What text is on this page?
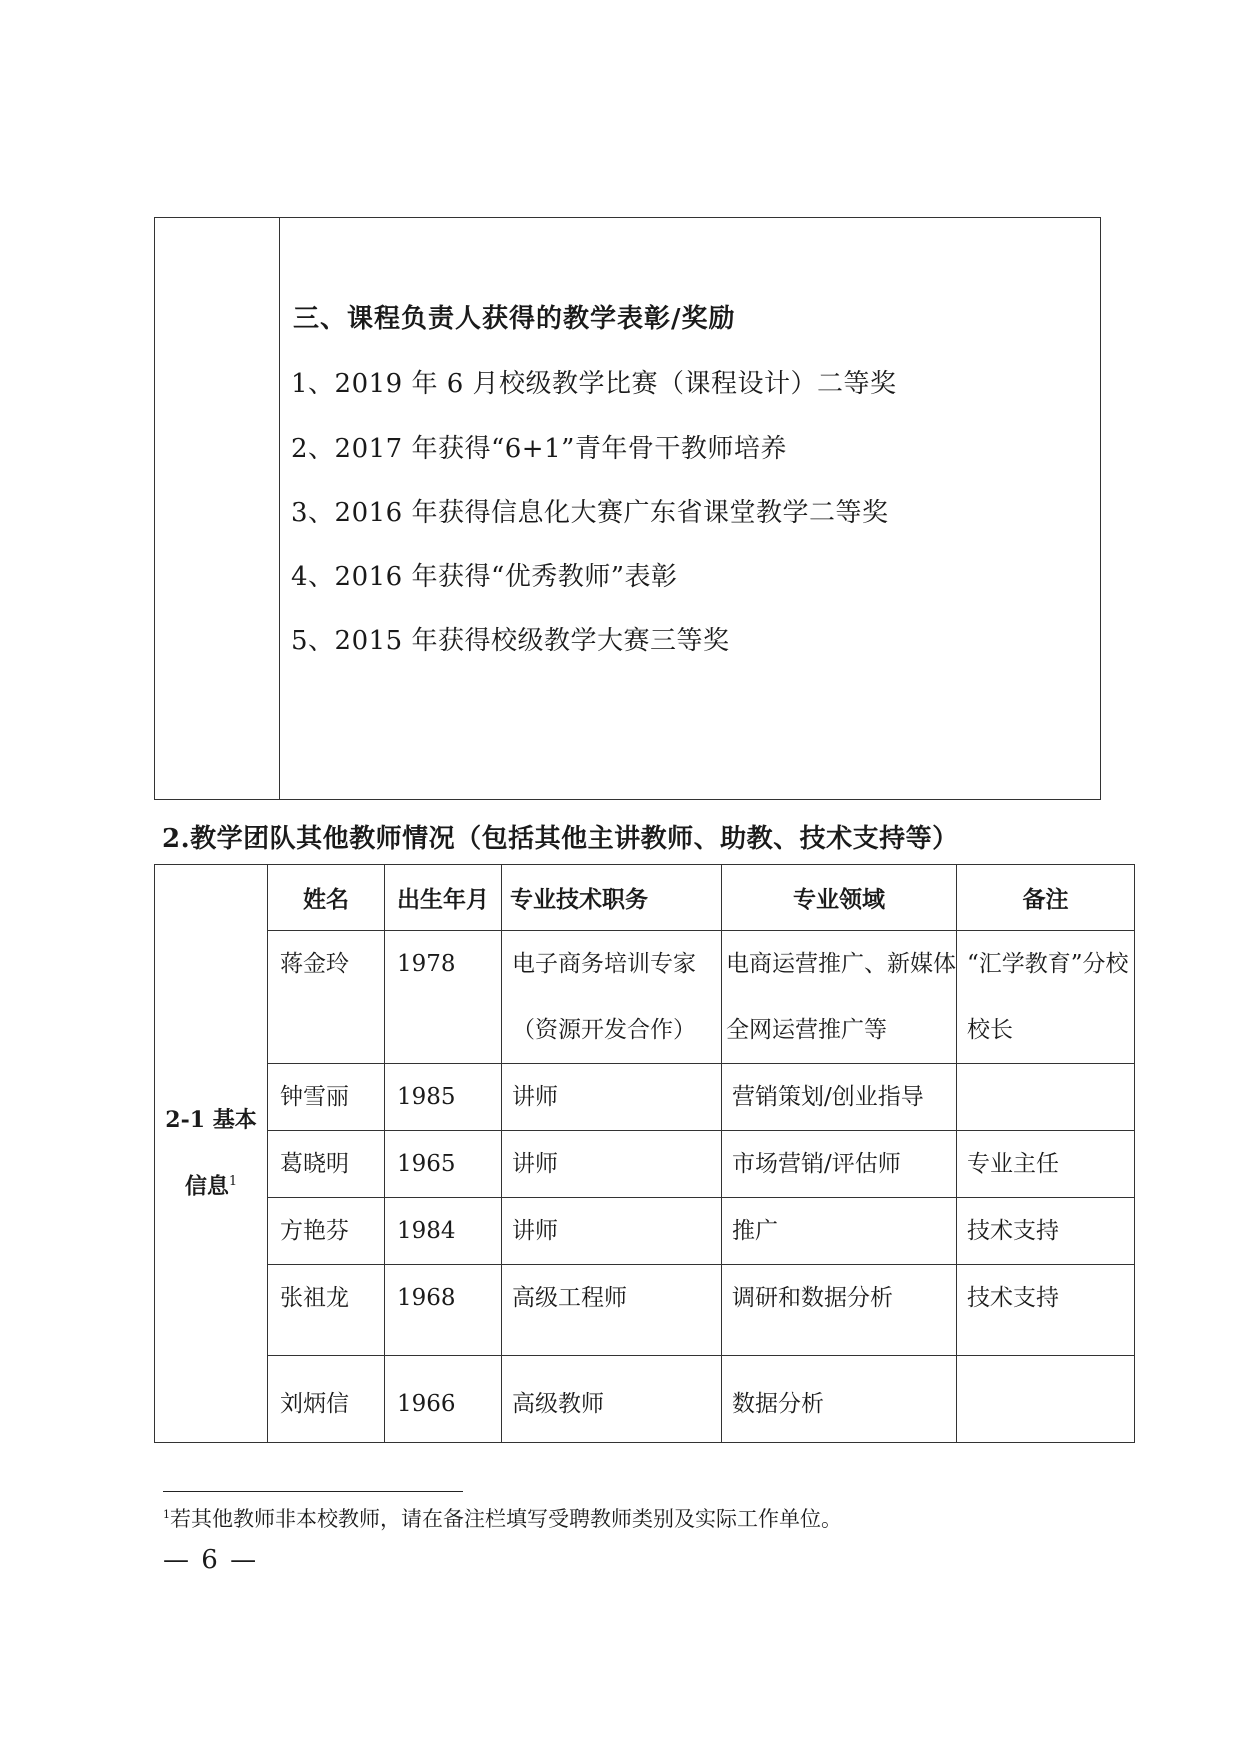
三、课程负责人获得的教学表彰/奖励
1、2019 年 6 月校级教学比赛（课程设计）二等奖
2、2017 年获得“6+1”青年骨干教师培养
3、2016 年获得信息化大赛广东省课堂教学二等奖
4、2016 年获得“优秀教师”表彰
5、2015 年获得校级教学大赛三等奖
2.教学团队其他教师情况（包括其他主讲教师、助教、技术支持等）
2-1 基本
信息$^1$	姓名	出生年月	专业技术职务	专业领域	备注

	蒋金玲	1978	电子商务培训专家（资源开发合作）	电商运营推广、新媒体全网运营推广等	“汇学教育”分校校长

	钟雪丽	1985	讲师	营销策划/创业指导	

	葛晓明	1965	讲师	市场营销/评估师	专业主任

	方艳芬	1984	讲师	推广	技术支持

	张祖龙	1968	高级工程师	调研和数据分析	技术支持

	刘炳信	1966	高级教师	数据分析	

$^1$若其他教师非本校教师，请在备注栏填写受聘教师类别及实际工作单位。
— 6 —
